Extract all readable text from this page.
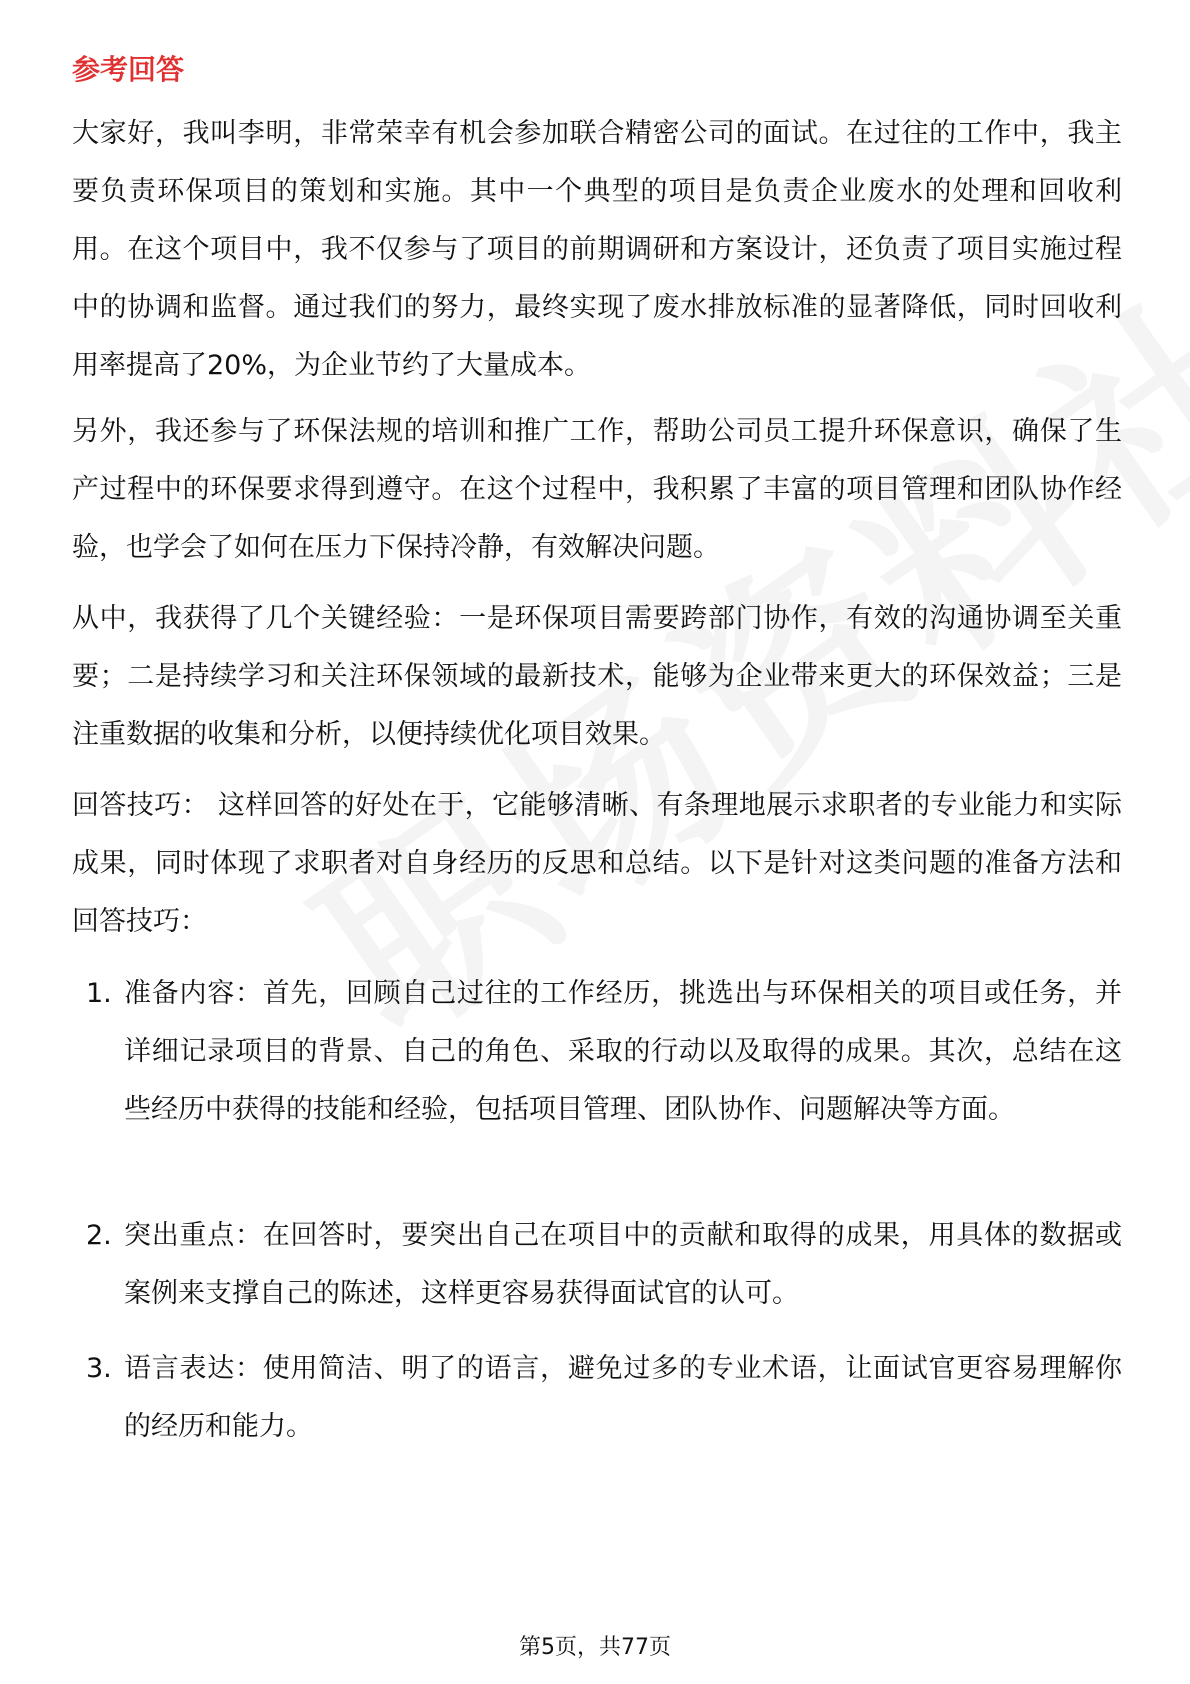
参考回答

大家好，我叫李明，非常荣幸有机会参加联合精密公司的面试。在过往的工作中，我主要负责环保项目的策划和实施。其中一个典型的项目是负责企业废水的处理和回收利用。在这个项目中，我不仅参与了项目的前期调研和方案设计，还负责了项目实施过程中的协调和监督。通过我们的努力，最终实现了废水排放标准的显著降低，同时回收利用率提高了20%，为企业节约了大量成本。

另外，我还参与了环保法规的培训和推广工作，帮助公司员工提升环保意识，确保了生产过程中的环保要求得到遵守。在这个过程中，我积累了丰富的项目管理和团队协作经验，也学会了如何在压力下保持冷静，有效解决问题。

从中，我获得了几个关键经验：一是环保项目需要跨部门协作，有效的沟通协调至关重要；二是持续学习和关注环保领域的最新技术，能够为企业带来更大的环保效益；三是注重数据的收集和分析，以便持续优化项目效果。

回答技巧： 这样回答的好处在于，它能够清晰、有条理地展示求职者的专业能力和实际成果，同时体现了求职者对自身经历的反思和总结。以下是针对这类问题的准备方法和回答技巧：

1. 准备内容：首先，回顾自己过往的工作经历，挑选出与环保相关的项目或任务，并详细记录项目的背景、自己的角色、采取的行动以及取得的成果。其次，总结在这些经历中获得的技能和经验，包括项目管理、团队协作、问题解决等方面。
2. 突出重点：在回答时，要突出自己在项目中的贡献和取得的成果，用具体的数据或案例来支撑自己的陈述，这样更容易获得面试官的认可。
3. 语言表达：使用简洁、明了的语言，避免过多的专业术语，让面试官更容易理解你的经历和能力。
第5页，共77页
